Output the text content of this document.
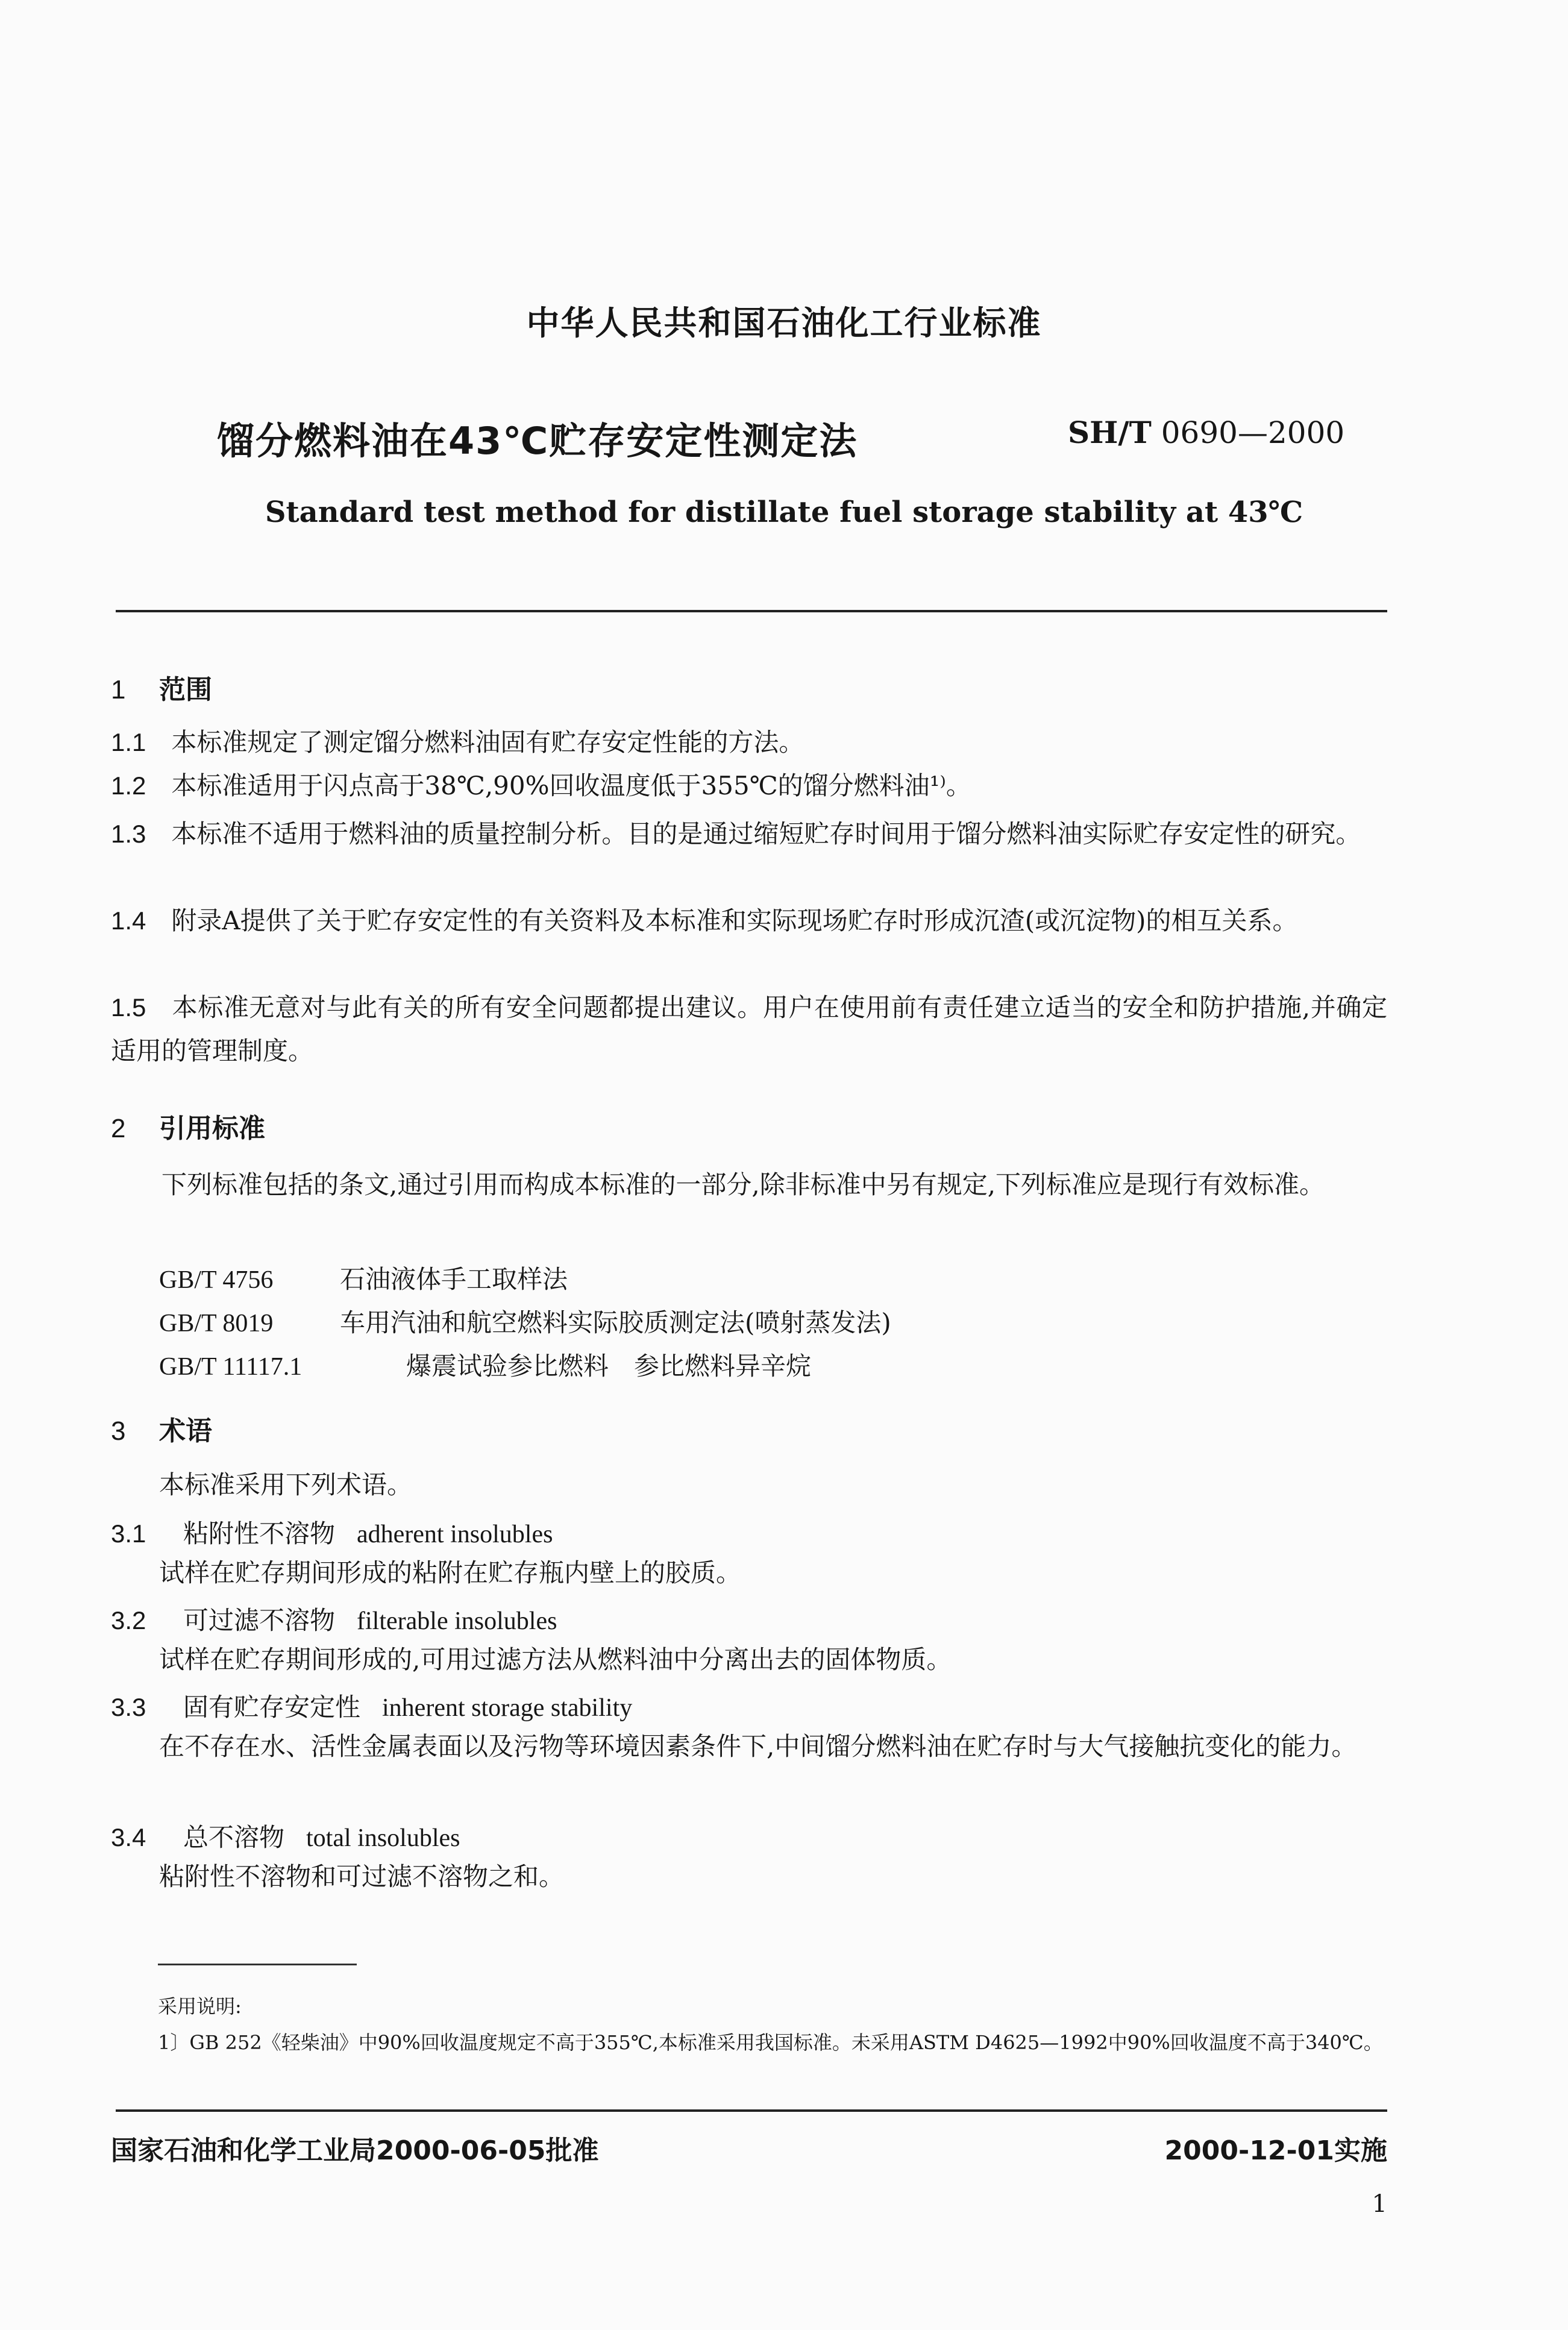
中华人民共和国石油化工行业标准
馏分燃料油在43℃贮存安定性测定法	SH/T 0690—2000
Standard test method for distillate fuel storage stability at 43℃
1 范围
1.1　 本标准规定了测定馏分燃料油固有贮存安定性能的方法。
1.2　 本标准适用于闪点高于38℃,90%回收温度低于355℃的馏分燃料油¹⁾。
1.3　 本标准不适用于燃料油的质量控制分析。目的是通过缩短贮存时间用于馏分燃料油实际贮存安定性的研究。
1.4　 附录A提供了关于贮存安定性的有关资料及本标准和实际现场贮存时形成沉渣(或沉淀物)的相互关系。
1.5　 本标准无意对与此有关的所有安全问题都提出建议。用户在使用前有责任建立适当的安全和防护措施,并确定适用的管理制度。
2 引用标准
下列标准包括的条文,通过引用而构成本标准的一部分,除非标准中另有规定,下列标准应是现行有效标准。
GB/T 4756	石油液体手工取样法
GB/T 8019	车用汽油和航空燃料实际胶质测定法(喷射蒸发法)
GB/T 11117.1	爆震试验参比燃料　参比燃料异辛烷
3 术语
本标准采用下列术语。
3.1 粘附性不溶物 adherent insolubles
试样在贮存期间形成的粘附在贮存瓶内壁上的胶质。
3.2 可过滤不溶物 filterable insolubles
试样在贮存期间形成的,可用过滤方法从燃料油中分离出去的固体物质。
3.3 固有贮存安定性 inherent storage stability
在不存在水、活性金属表面以及污物等环境因素条件下,中间馏分燃料油在贮存时与大气接触抗变化的能力。
3.4 总不溶物 total insolubles
粘附性不溶物和可过滤不溶物之和。
采用说明:
1〕GB 252《轻柴油》中90%回收温度规定不高于355℃,本标准采用我国标准。未采用ASTM D4625—1992中90%回收温度不高于340℃。
国家石油和化学工业局2000-06-05批准	2000-12-01实施
1
